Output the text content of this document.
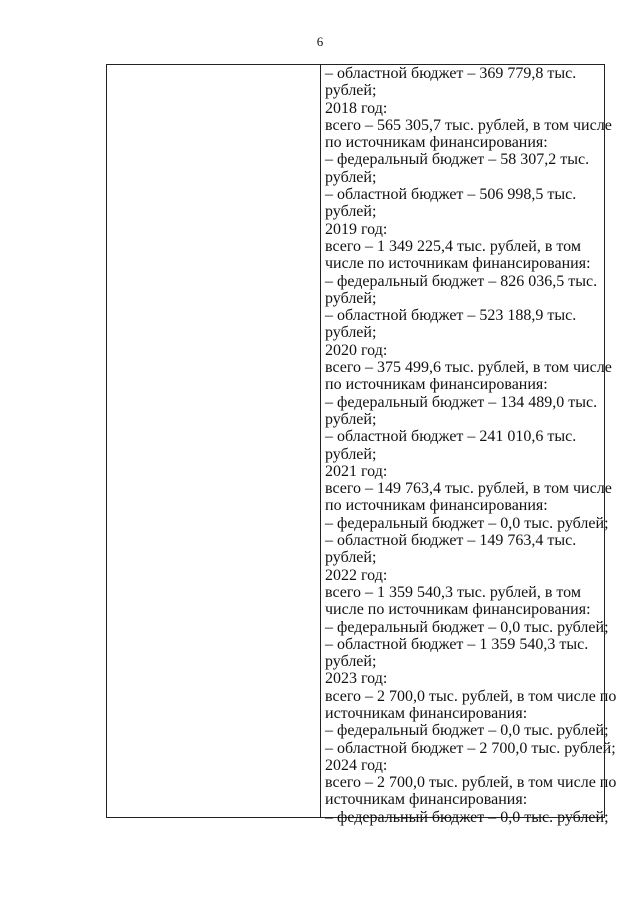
6
– областной бюджет – 369 779,8 тыс.
рублей;
2018 год:
всего – 565 305,7 тыс. рублей, в том числе
по источникам финансирования:
– федеральный бюджет – 58 307,2 тыс.
рублей;
– областной бюджет – 506 998,5 тыс.
рублей;
2019 год:
всего – 1 349 225,4 тыс. рублей, в том
числе по источникам финансирования:
– федеральный бюджет – 826 036,5 тыс.
рублей;
– областной бюджет – 523 188,9 тыс.
рублей;
2020 год:
всего – 375 499,6 тыс. рублей, в том числе
по источникам финансирования:
– федеральный бюджет – 134 489,0 тыс.
рублей;
– областной бюджет – 241 010,6 тыс.
рублей;
2021 год:
всего – 149 763,4 тыс. рублей, в том числе
по источникам финансирования:
– федеральный бюджет – 0,0 тыс. рублей;
– областной бюджет – 149 763,4 тыс.
рублей;
2022 год:
всего – 1 359 540,3 тыс. рублей, в том
числе по источникам финансирования:
– федеральный бюджет – 0,0 тыс. рублей;
– областной бюджет – 1 359 540,3 тыс.
рублей;
2023 год:
всего – 2 700,0 тыс. рублей, в том числе по
источникам финансирования:
– федеральный бюджет – 0,0 тыс. рублей;
– областной бюджет – 2 700,0 тыс. рублей;
2024 год:
всего – 2 700,0 тыс. рублей, в том числе по
источникам финансирования:
– федеральный бюджет – 0,0 тыс. рублей;
